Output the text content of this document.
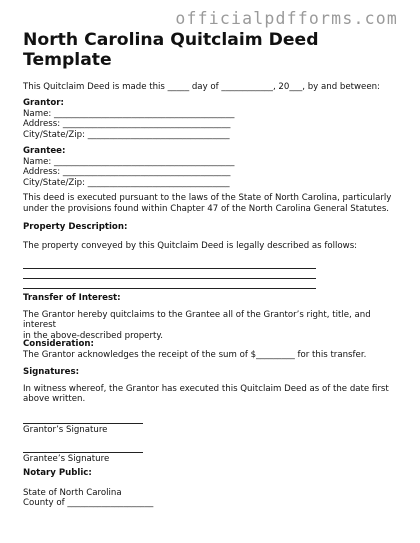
officialpdfforms.com
North Carolina Quitclaim Deed
Template
This Quitclaim Deed is made this _____ day of ____________, 20___, by and between:
Grantor:
Name: __________________________________________
Address: _______________________________________
City/State/Zip: _________________________________
Grantee:
Name: __________________________________________
Address: _______________________________________
City/State/Zip: _________________________________
This deed is executed pursuant to the laws of the State of North Carolina, particularly
under the provisions found within Chapter 47 of the North Carolina General Statutes.
Property Description:
The property conveyed by this Quitclaim Deed is legally described as follows:
Transfer of Interest:
The Grantor hereby quitclaims to the Grantee all of the Grantor’s right, title, and interest
in the above-described property.
Consideration:
The Grantor acknowledges the receipt of the sum of $_________ for this transfer.
Signatures:
In witness whereof, the Grantor has executed this Quitclaim Deed as of the date first
above written.
Grantor’s Signature
Grantee’s Signature
Notary Public:
State of North Carolina
County of ____________________
